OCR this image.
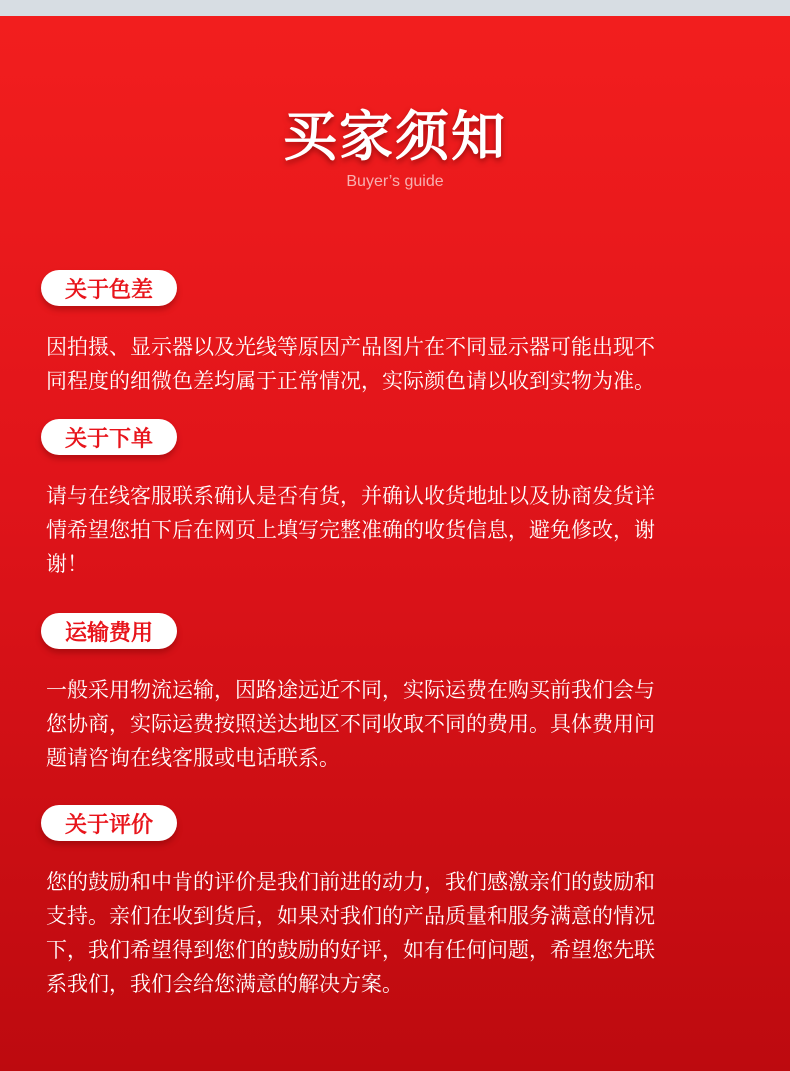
买家须知
Buyer’s guide
关于色差
因拍摄、显示器以及光线等原因产品图片在不同显示器可能出现不
同程度的细微色差均属于正常情况，实际颜色请以收到实物为准。
关于下单
请与在线客服联系确认是否有货，并确认收货地址以及协商发货详
情希望您拍下后在网页上填写完整准确的收货信息，避免修改，谢
谢！
运输费用
一般采用物流运输，因路途远近不同，实际运费在购买前我们会与
您协商，实际运费按照送达地区不同收取不同的费用。具体费用问
题请咨询在线客服或电话联系。
关于评价
您的鼓励和中肯的评价是我们前进的动力，我们感激亲们的鼓励和
支持。亲们在收到货后，如果对我们的产品质量和服务满意的情况
下，我们希望得到您们的鼓励的好评，如有任何问题，希望您先联
系我们，我们会给您满意的解决方案。
